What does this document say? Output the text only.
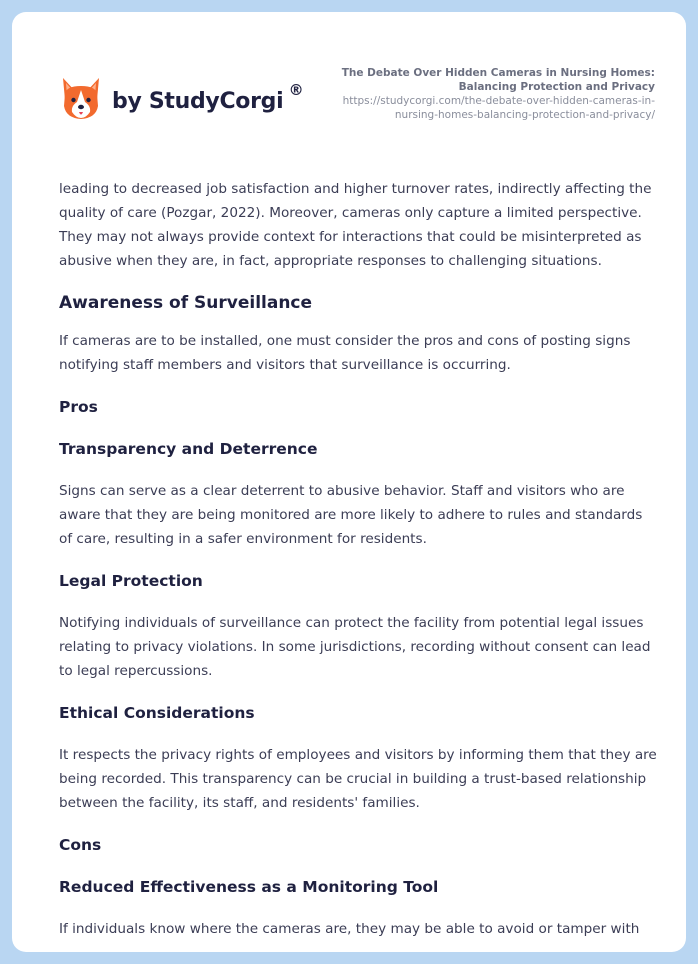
by StudyCorgi ®
The Debate Over Hidden Cameras in Nursing Homes:
Balancing Protection and Privacy
https://studycorgi.com/the-debate-over-hidden-cameras-in-
nursing-homes-balancing-protection-and-privacy/

leading to decreased job satisfaction and higher turnover rates, indirectly affecting the quality of care (Pozgar, 2022). Moreover, cameras only capture a limited perspective. They may not always provide context for interactions that could be misinterpreted as abusive when they are, in fact, appropriate responses to challenging situations.

Awareness of Surveillance

If cameras are to be installed, one must consider the pros and cons of posting signs notifying staff members and visitors that surveillance is occurring.

Pros
Transparency and Deterrence

Signs can serve as a clear deterrent to abusive behavior. Staff and visitors who are aware that they are being monitored are more likely to adhere to rules and standards of care, resulting in a safer environment for residents.

Legal Protection

Notifying individuals of surveillance can protect the facility from potential legal issues relating to privacy violations. In some jurisdictions, recording without consent can lead to legal repercussions.

Ethical Considerations

It respects the privacy rights of employees and visitors by informing them that they are being recorded. This transparency can be crucial in building a trust-based relationship between the facility, its staff, and residents' families.

Cons
Reduced Effectiveness as a Monitoring Tool

If individuals know where the cameras are, they may be able to avoid or tamper with
